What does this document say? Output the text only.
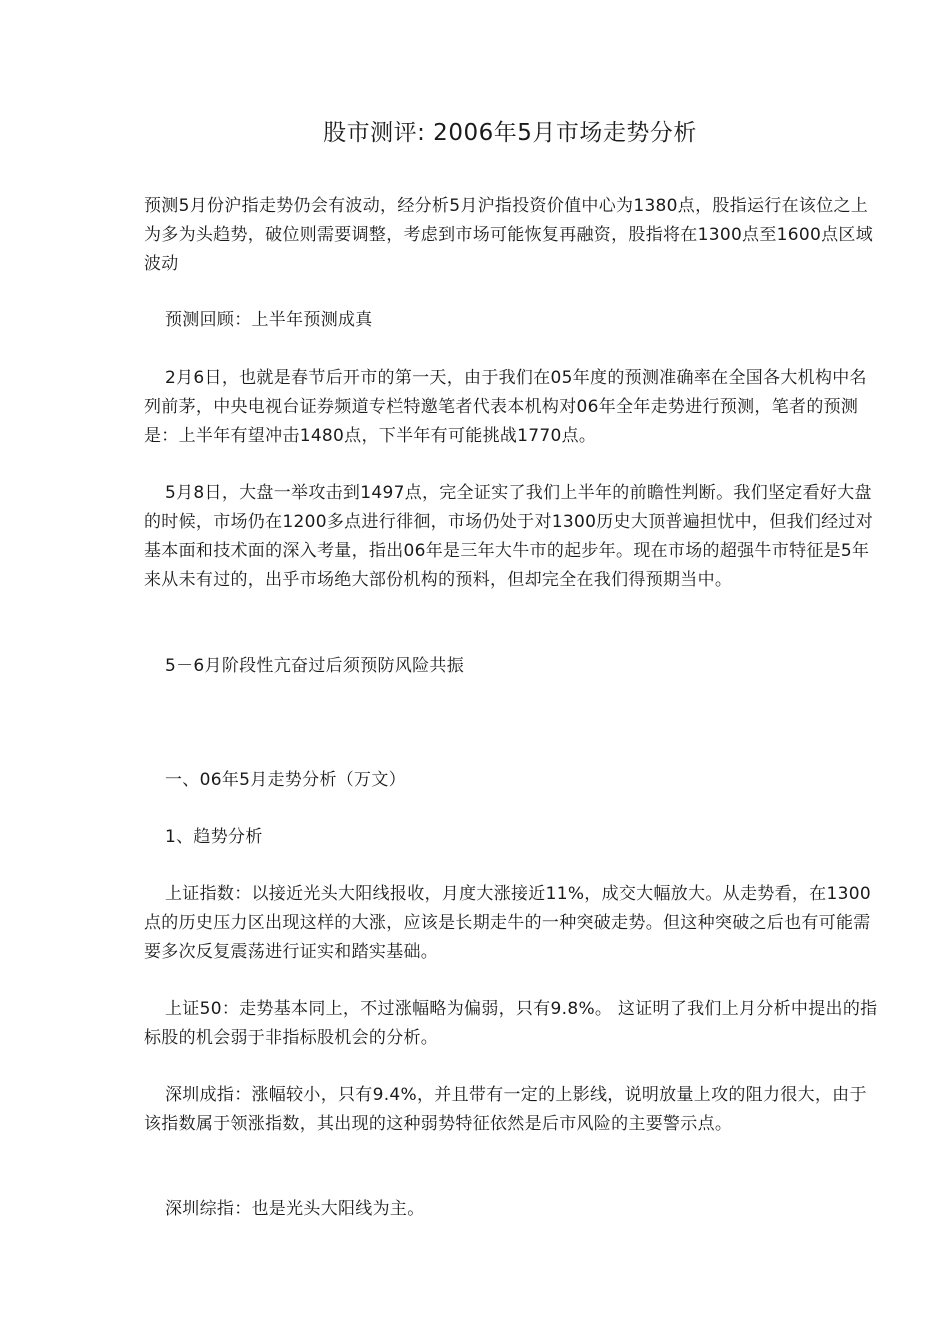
股市测评: 2006年5月市场走势分析

预测5月份沪指走势仍会有波动，经分析5月沪指投资价值中心为1380点，股指运行在该位之上为多为头趋势，破位则需要调整，考虑到市场可能恢复再融资，股指将在1300点至1600点区域波动

预测回顾：上半年预测成真

2月6日，也就是春节后开市的第一天，由于我们在05年度的预测准确率在全国各大机构中名列前茅，中央电视台证券频道专栏特邀笔者代表本机构对06年全年走势进行预测，笔者的预测是：上半年有望冲击1480点，下半年有可能挑战1770点。

5月8日，大盘一举攻击到1497点，完全证实了我们上半年的前瞻性判断。我们坚定看好大盘的时候，市场仍在1200多点进行徘徊，市场仍处于对1300历史大顶普遍担忧中，但我们经过对基本面和技术面的深入考量，指出06年是三年大牛市的起步年。现在市场的超强牛市特征是5年来从未有过的，出乎市场绝大部份机构的预料，但却完全在我们得预期当中。

5－6月阶段性亢奋过后须预防风险共振

一、06年5月走势分析（万文）

1、趋势分析

上证指数：以接近光头大阳线报收，月度大涨接近11%，成交大幅放大。从走势看，在1300点的历史压力区出现这样的大涨，应该是长期走牛的一种突破走势。但这种突破之后也有可能需要多次反复震荡进行证实和踏实基础。

上证50：走势基本同上，不过涨幅略为偏弱，只有9.8%。 这证明了我们上月分析中提出的指标股的机会弱于非指标股机会的分析。

深圳成指：涨幅较小，只有9.4%，并且带有一定的上影线，说明放量上攻的阻力很大，由于该指数属于领涨指数，其出现的这种弱势特征依然是后市风险的主要警示点。

深圳综指：也是光头大阳线为主。
